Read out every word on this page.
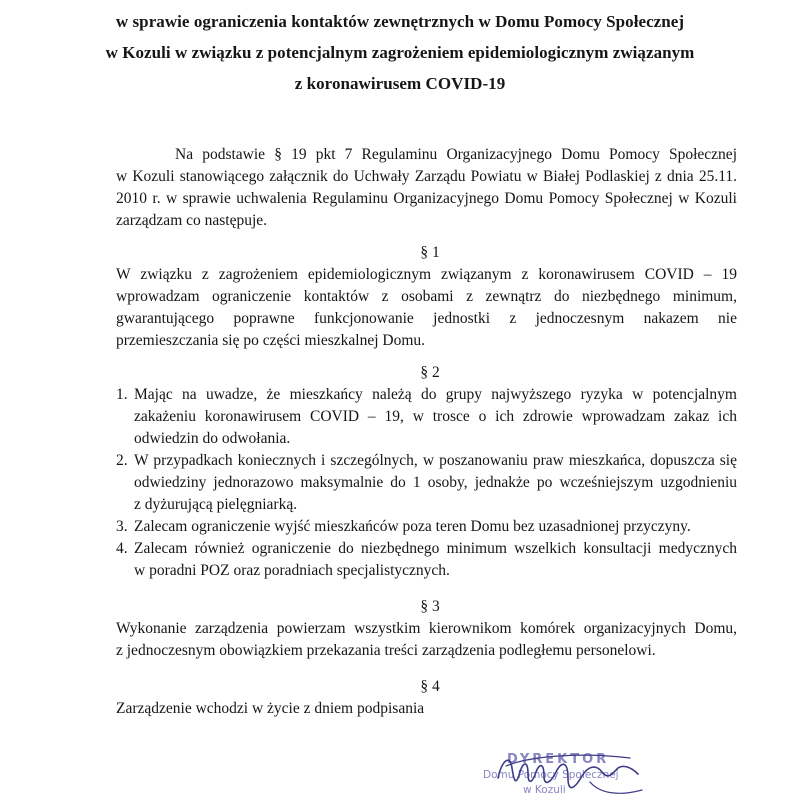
w sprawie ograniczenia kontaktów zewnętrznych w Domu Pomocy Społecznej
w Kozuli w związku z potencjalnym zagrożeniem epidemiologicznym związanym
z koronawirusem COVID-19
Na podstawie § 19 pkt 7 Regulaminu Organizacyjnego Domu Pomocy Społecznej
w Kozuli stanowiącego załącznik do Uchwały Zarządu Powiatu w Białej Podlaskiej z dnia 25.11.
2010 r. w sprawie uchwalenia Regulaminu Organizacyjnego Domu Pomocy Społecznej w Kozuli
zarządzam co następuje.
§ 1
W związku z zagrożeniem epidemiologicznym związanym z koronawirusem COVID – 19
wprowadzam ograniczenie kontaktów z osobami z zewnątrz do niezbędnego minimum,
gwarantującego poprawne funkcjonowanie jednostki z jednoczesnym nakazem nie
przemieszczania się po części mieszkalnej Domu.
§ 2
1. Mając na uwadze, że mieszkańcy należą do grupy najwyższego ryzyka w potencjalnym
zakażeniu koronawirusem COVID – 19, w trosce o ich zdrowie wprowadzam zakaz ich
odwiedzin do odwołania.
2. W przypadkach koniecznych i szczególnych, w poszanowaniu praw mieszkańca, dopuszcza się
odwiedziny jednorazowo maksymalnie do 1 osoby, jednakże po wcześniejszym uzgodnieniu
z dyżurującą pielęgniarką.
3. Zalecam ograniczenie wyjść mieszkańców poza teren Domu bez uzasadnionej przyczyny.
4. Zalecam również ograniczenie do niezbędnego minimum wszelkich konsultacji medycznych
w poradni POZ oraz poradniach specjalistycznych.
§ 3
Wykonanie zarządzenia powierzam wszystkim kierownikom komórek organizacyjnych Domu,
z jednoczesnym obowiązkiem przekazania treści zarządzenia podległemu personelowi.
§ 4
Zarządzenie wchodzi w życie z dniem podpisania
DYREKTOR
Domu Pomocy Społecznej
w Kozuli
